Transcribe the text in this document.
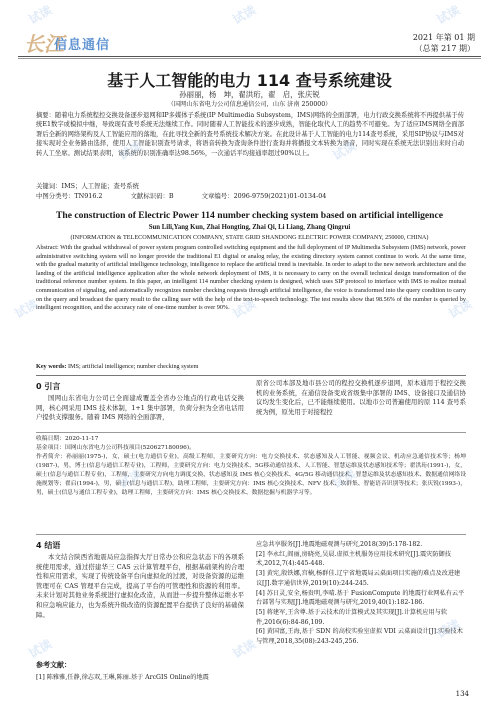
长江
信息通信
2021 年第 01 期
（总第 217 期）
基于人工智能的电力 114 查号系统建设
孙丽丽，杨　坤，翟洪珩，翟　启，张庆锐
（国网山东省电力公司信息通信公司，山东 济南 250000）
摘要：随着电力系统程控交换设备逐步退网和IP多媒体子系统(IP Multimedia Subsystem，IMS)网络的全面部署，电力行政交换系统将不再提供基于传统E1数字或模拟中继，导致现有查号系统无法继续工作。同时随着人工智能技术的逐步成熟，智能化取代人工的趋势不可避免。为了适应IMS网络全面部署后全新的网络架构及人工智能应用的落地，在此寻找全新的查号系统技术解决方案。在此设计基于人工智能的电力114查号系统，采用SIP协议与IMS对接实现对全业务路由选择，使用人工智能识别查号请求，将语音转换为查询条件进行查询并将播报文本转换为语音，同时实现在系统无法识别出来时自动转人工坐席。测试结果表明，该系统的识别准确率达98.56%，一次通话平均接通率超过90%以上。
关键词：IMS；人工智能；查号系统
中图分类号：TN916.2	文献标识码：B	文章编号：2096-9759(2021)01-0134-04
The construction of Electric Power 114 number checking system based on artificial intelligence
Sun Lili,Yang Kun, Zhai Hongting, Zhai Qi, Li Liang, Zhang Qingrui
(INFORMATION & TELECOMMUNICATION COMPANY, STATE GRID SHANDONG ELECTRIC POWER COMPANY, 250000, CHINA)
Abstract: With the gradual withdrawal of power system program controlled switching equipment and the full deployment of IP Multimedia Subsystem (IMS) network, power administrative switching system will no longer provide the traditional E1 digital or analog relay, the existing directory system cannot continue to work. At the same time, with the gradual maturity of artificial intelligence technology, intelligence to replace the artificial trend is inevitable. In order to adapt to the new network architecture and the landing of the artificial intelligence application after the whole network deployment of IMS, it is necessary to carry on the overall technical design transformation of the traditional reference number system. In this paper, an intelligent 114 number checking system is designed, which uses SIP protocol to interface with IMS to realize mutual communication of signaling, and automatically recognizes number checking requests through artificial intelligence, the voice is transformed into the query condition to carry on the query and broadcast the query result to the calling user with the help of the text-to-speech technology. The test results show that 98.56% of the number is queried by intelligent recognition, and the accuracy rate of one-time number is over 90%.
Key words: IMS; artificial intelligence; number checking system
0 引言
国网山东省电力公司已全面建成覆盖全省办公地点的行政电话交换网，核心网采用 IMS 技术体制，1+1 集中部署，负荷分担为全省电话用户提供支撑服务。随着 IMS 网络的全面部署，
原省公司本部及地市县公司的程控交换机逐步退网，原本通用于程控交换机的业务系统，在通信设备变成省级集中部署的 IMS、设备接口及通信协议均发生变化后，已不能继续使用。以地市公司普遍使用的原 114 查号系统为例，原先用于对接程控
收稿日期：2020-11-17
基金项目：国网山东省电力公司科技项目(520627180096)。
作者简介：孙丽丽(1975-)，女，硕士(电力通信专业)，高级工程师，主要研究方向：电力交换技术、状态感知及人工智能、视频会议、机动应急通信技术等；杨坤(1987-)，男，博士(信息与通信工程专业)，工程师，主要研究方向：电力交换技术、5G移动通信技术、人工智能、智慧运维及状态感知技术等；翟洪珩(1991-)，女，硕士(信息与通信工程专业)，工程师，主要研究方向电力调度交换、状态感知及 IMS 核心交换技术、4G/5G 移动通信技术、智慧运维及状态感知技术、数据通信网络设施规划等；翟启(1994-)，男，硕士(信息与通信工程)，助理工程师，主要研究方向：IMS 核心交换技术、NFV 技术、软群集、智能语音识别等技术；张庆锐(1993-)，男，硕士(信息与通信工程专业)，助理工程师，主要研究方向：IMS 核心交换技术、数据挖掘与机器学习等。
4 结语
本文结合陕西省地震局应急指挥大厅日常办公和应急状态下的各项系统使用需求，通过搭建华三 CAS 云计算管理平台，根据基础架构的合理性和应用需求，实现了传统设备平台向虚拟化的过渡，对设备资源的运维管理可在 CAS 管理平台完成，提高了平台的可管理性和资源的利用率。未来计划对其他业务系统进行虚拟化改造，从而进一步提升整体运维水平和应急响应能力，也为系统升级改造的资源配置平台提供了良好的基础保障。
参考文献：
[1] 陈雅雅,任静,徐志双,王琳,陈丽.基于 ArcGIS Online的地震
应急共享服务[J].地震地磁观测与研究,2018(39)5:178-182.
[2] 李永红,阎丽,房晓亮,吴晨.虚拟主机服务应用技术研究[J].震灾防御技术,2012,7(4):445-448.
[3] 黄宪,殷铁娜,宫楠,杨群佳.辽宁省地震局云桌面项目实施的难点及改进建议[J].数字通信世界,2019(10):244-245.
[4] 苏日灵,安全,杨贵明,李晴.基于 FusionCompute 的地震行业网私有云平台部署与实现[J].地震地磁观测与研究,2019,40(1):182-186.
[5] 蒋建军,王含尊.基于云技术的计算模式及其实现[J].计算机应用与软件,2016(6):84-86,109.
[6] 黄国富,王海,基于 SDN 的高校实验室虚拟 VDI 云桌面设计[J].实验技术与管理,2018,35(08):243-245,256.
134
试读	试读	试读
试读	试读
试读	试读	试读
试读	试读
试读	试读
试读
